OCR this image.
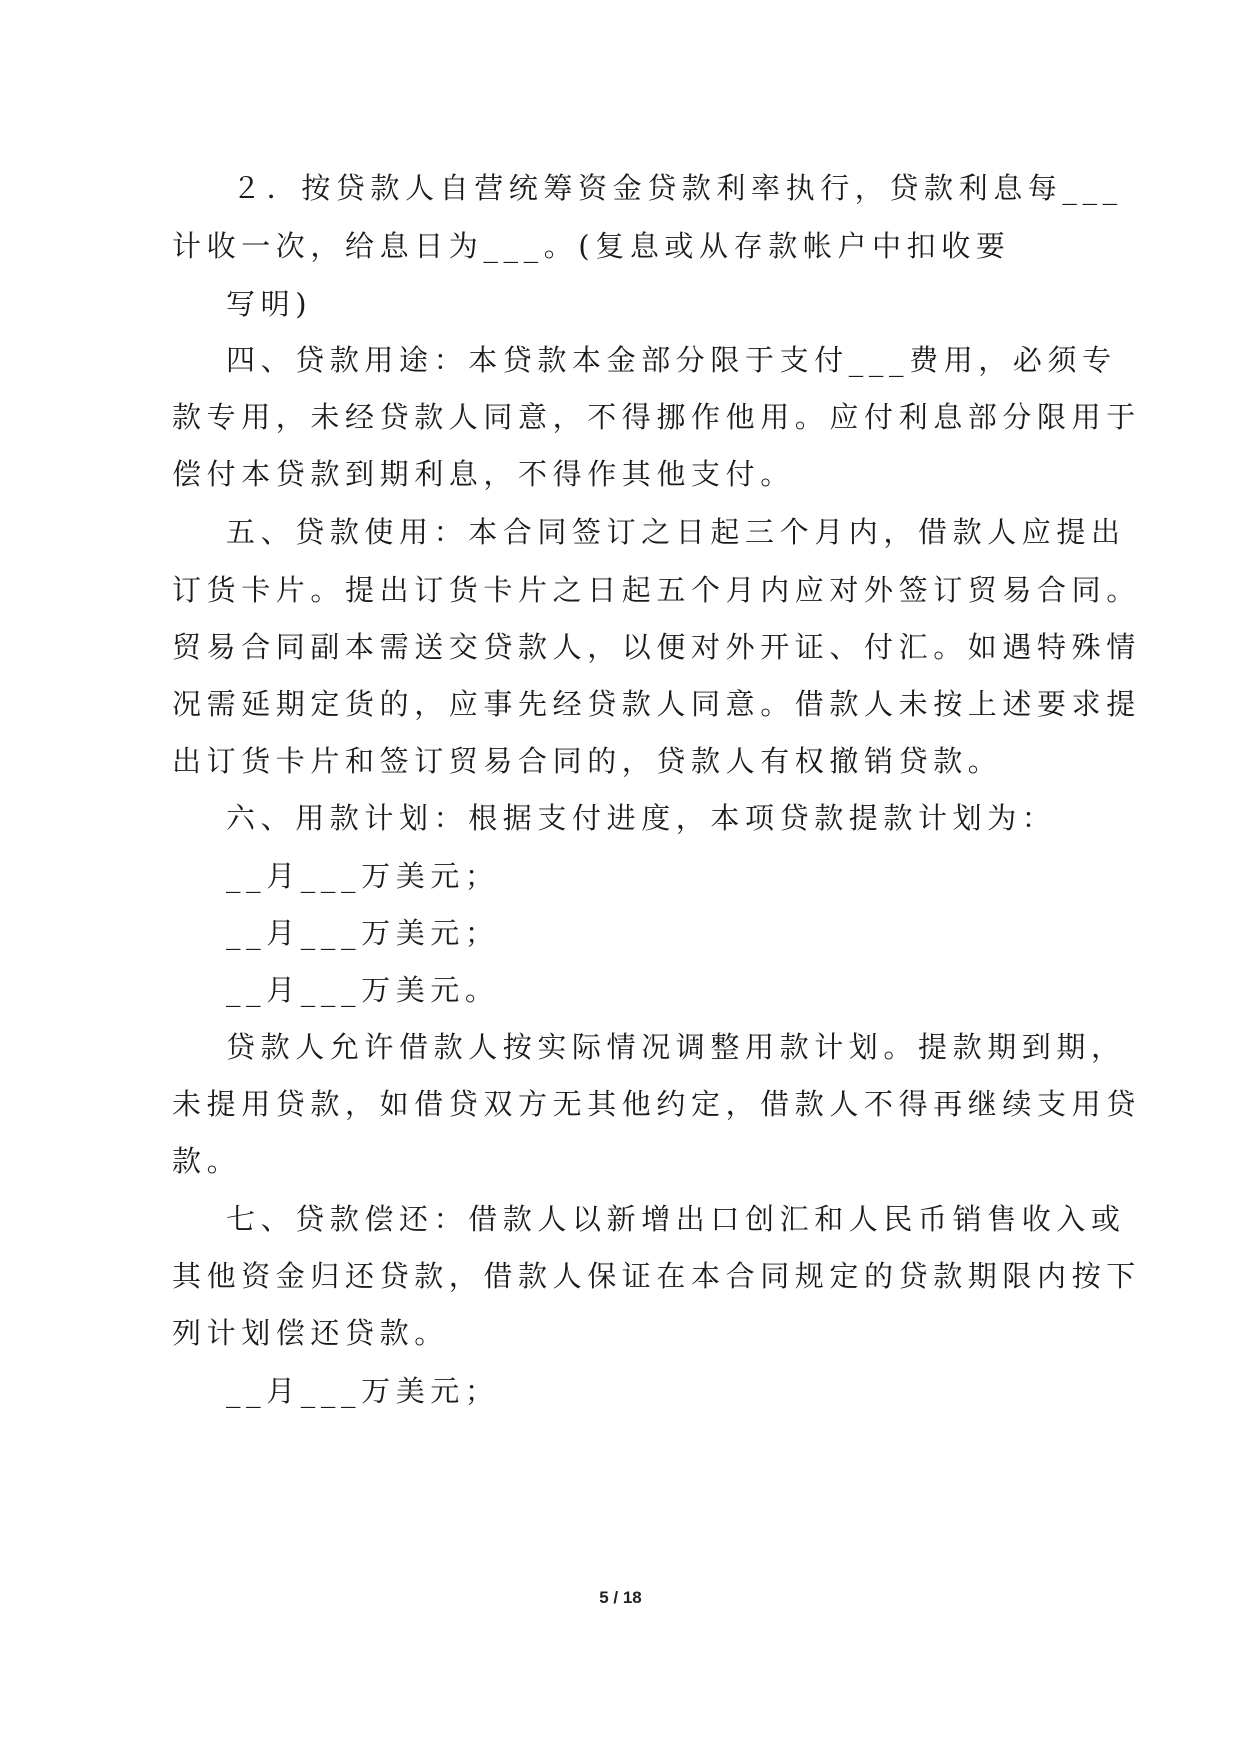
２．按贷款人自营统筹资金贷款利率执行，贷款利息每___
计收一次，给息日为___。(复息或从存款帐户中扣收要
写明)
四、贷款用途：本贷款本金部分限于支付___费用，必须专
款专用，未经贷款人同意，不得挪作他用。应付利息部分限用于
偿付本贷款到期利息，不得作其他支付。
五、贷款使用：本合同签订之日起三个月内，借款人应提出
订货卡片。提出订货卡片之日起五个月内应对外签订贸易合同。
贸易合同副本需送交贷款人，以便对外开证、付汇。如遇特殊情
况需延期定货的，应事先经贷款人同意。借款人未按上述要求提
出订货卡片和签订贸易合同的，贷款人有权撤销贷款。
六、用款计划：根据支付进度，本项贷款提款计划为：
__月___万美元；
__月___万美元；
__月___万美元。
贷款人允许借款人按实际情况调整用款计划。提款期到期，
未提用贷款，如借贷双方无其他约定，借款人不得再继续支用贷
款。
七、贷款偿还：借款人以新增出口创汇和人民币销售收入或
其他资金归还贷款，借款人保证在本合同规定的贷款期限内按下
列计划偿还贷款。
__月___万美元；
5 / 18
